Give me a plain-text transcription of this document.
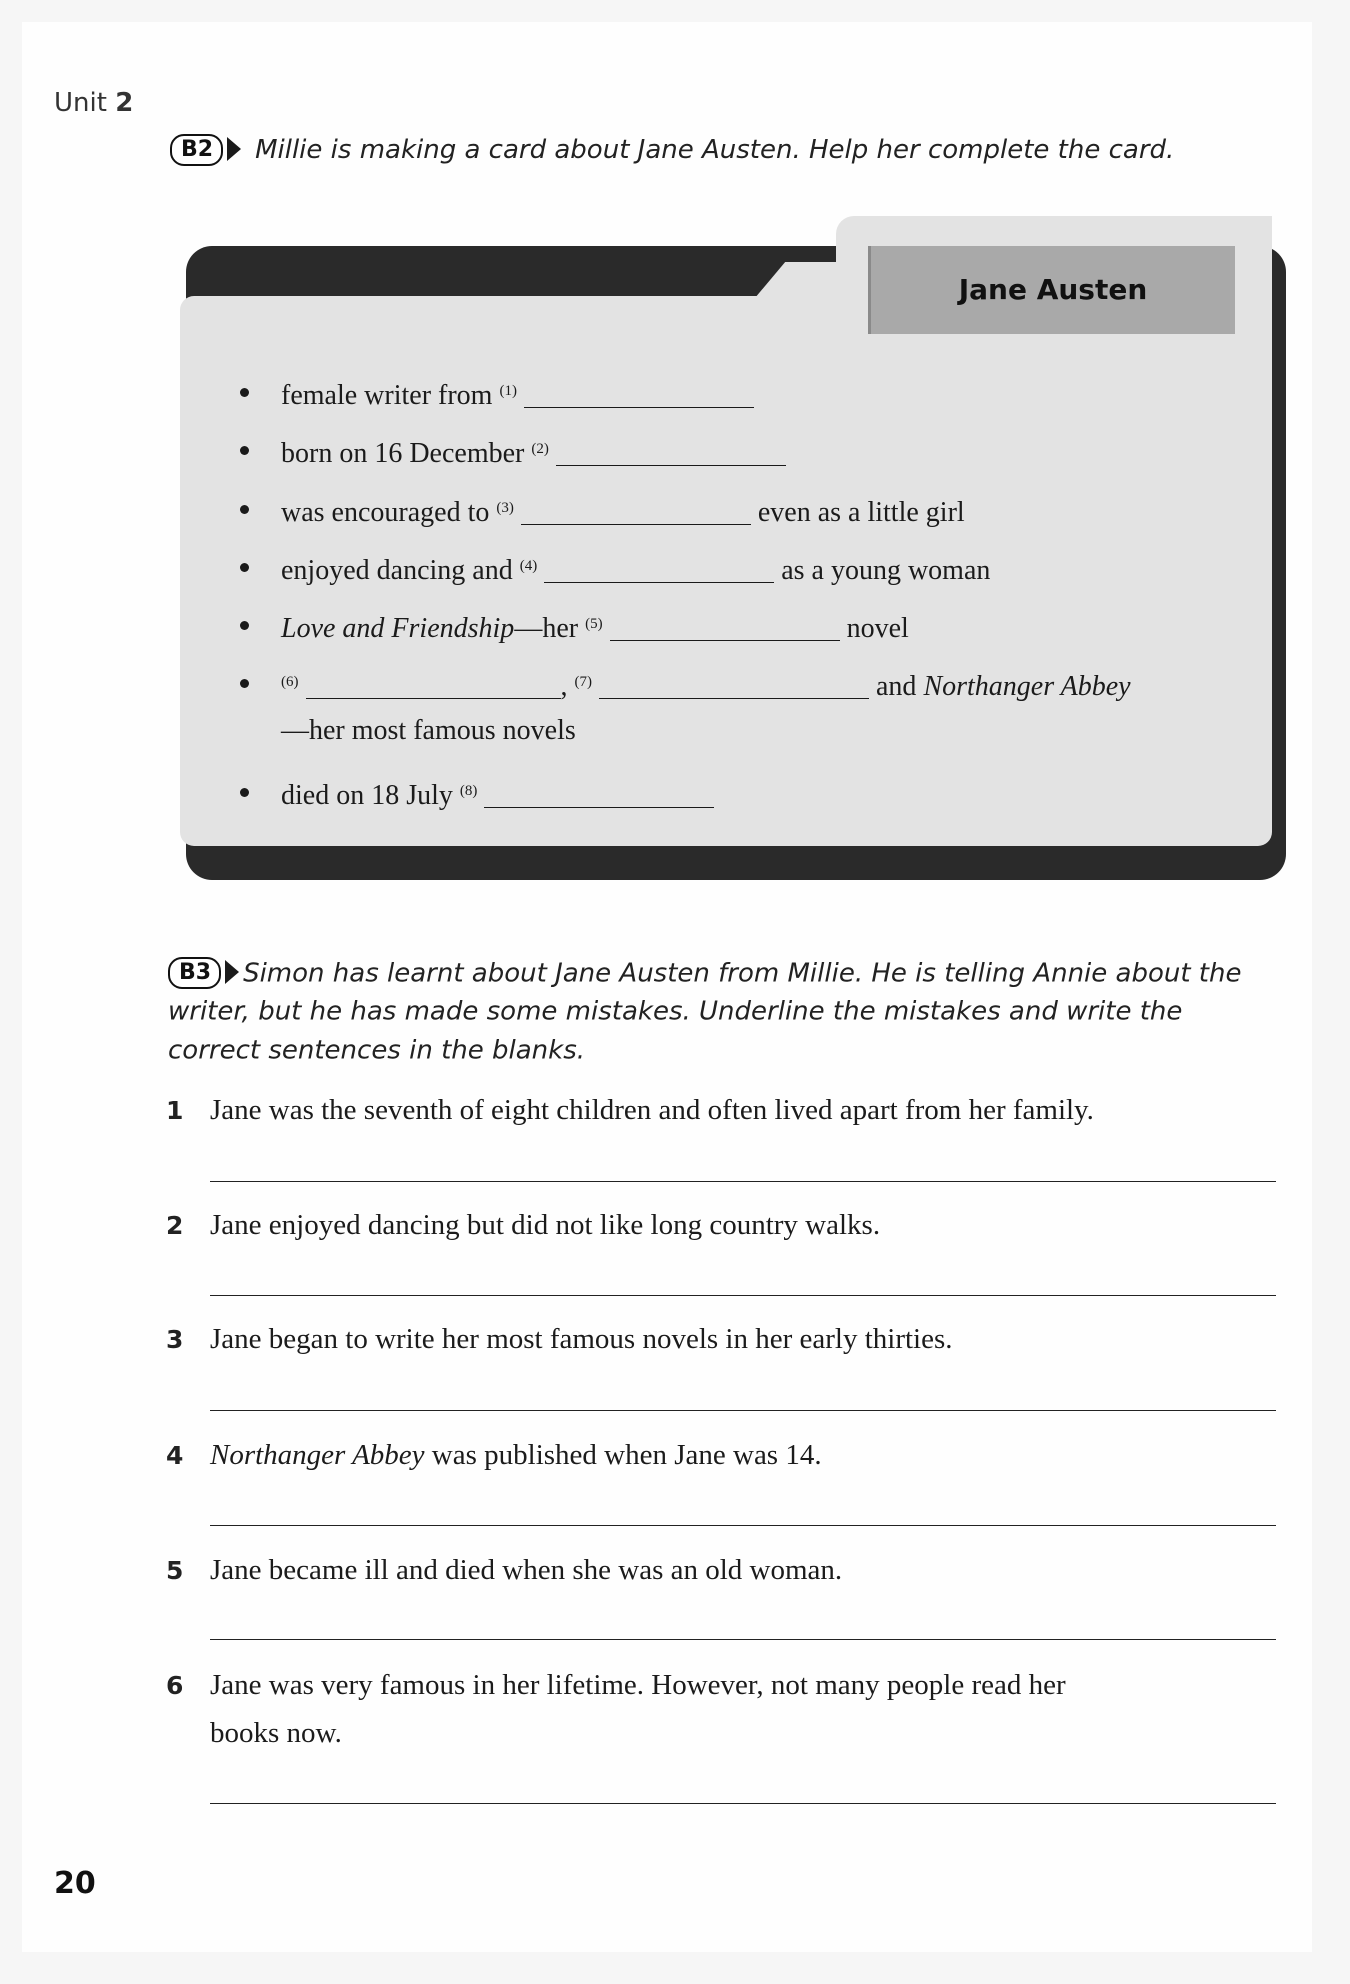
Unit 2
B2 Millie is making a card about Jane Austen. Help her complete the card.
Jane Austen
female writer from $^{(1)}$
born on 16 December $^{(2)}$
was encouraged to $^{(3)}$	even as a little girl
enjoyed dancing and $^{(4)}$	as a young woman
Love and Friendship—her $^{(5)}$	novel
$^{(6)}$	, $^{(7)}$	and Northanger Abbey
—her most famous novels
died on 18 July $^{(8)}$
B3 Simon has learnt about Jane Austen from Millie. He is telling Annie about the writer, but he has made some mistakes. Underline the mistakes and write the correct sentences in the blanks.
1 Jane was the seventh of eight children and often lived apart from her family.
2 Jane enjoyed dancing but did not like long country walks.
3 Jane began to write her most famous novels in her early thirties.
4 Northanger Abbey was published when Jane was 14.
5 Jane became ill and died when she was an old woman.
6 Jane was very famous in her lifetime. However, not many people read her
books now.
20
